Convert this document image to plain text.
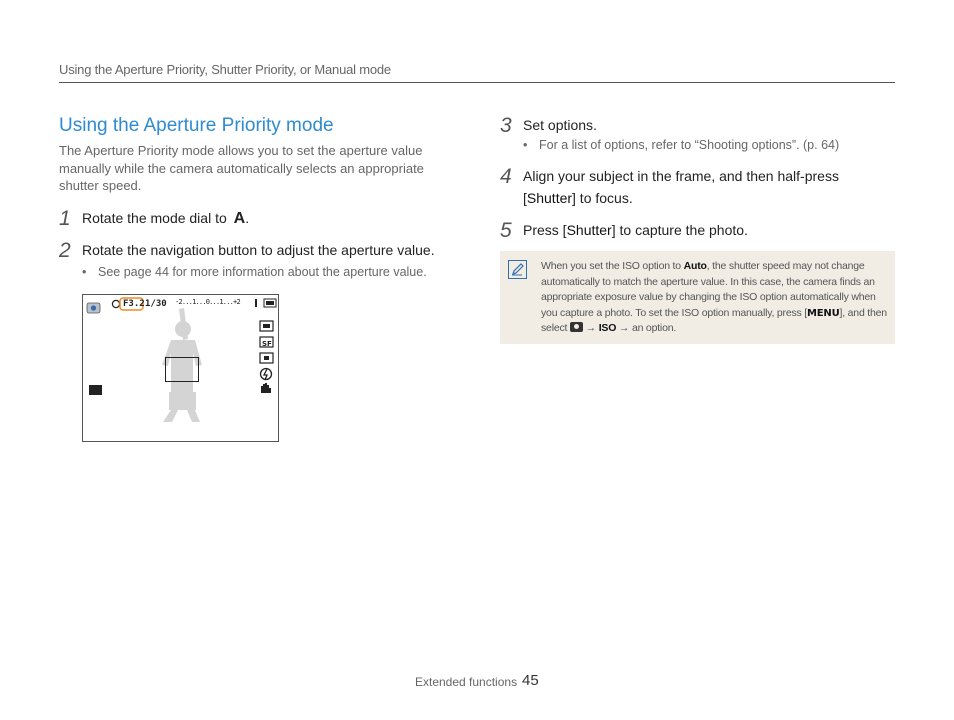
Using the Aperture Priority, Shutter Priority, or Manual mode
Using the Aperture Priority mode
The Aperture Priority mode allows you to set the aperture value manually while the camera automatically selects an appropriate shutter speed.
1 Rotate the mode dial to A.
2 Rotate the navigation button to adjust the aperture value.
• See page 44 for more information about the aperture value.
SF
F3.2 1/30 -2...1...0...1...+2
3 Set options.
• For a list of options, refer to “Shooting options”. (p. 64)
4 Align your subject in the frame, and then half-press [Shutter] to focus.
5 Press [Shutter] to capture the photo.
When you set the ISO option to Auto, the shutter speed may not change automatically to match the aperture value. In this case, the camera finds an appropriate exposure value by changing the ISO option automatically when you capture a photo. To set the ISO option manually, press [MENU], and then select
→ ISO → an option.
Extended functions 45
